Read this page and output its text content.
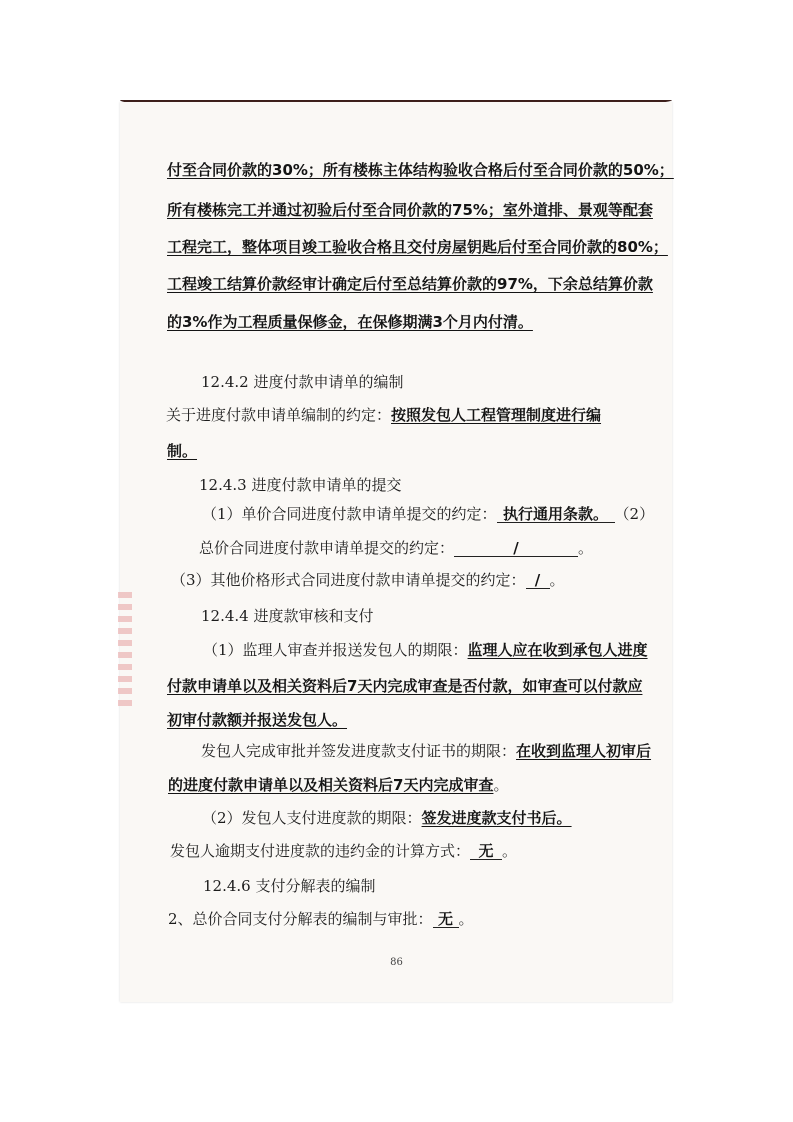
付至合同价款的30%；所有楼栋主体结构验收合格后付至合同价款的50%；
所有楼栋完工并通过初验后付至合同价款的75%；室外道排、景观等配套
工程完工，整体项目竣工验收合格且交付房屋钥匙后付至合同价款的80%；
工程竣工结算价款经审计确定后付至总结算价款的97%，下余总结算价款
的3%作为工程质量保修金，在保修期满3个月内付清。
12.4.2 进度付款申请单的编制
关于进度付款申请单编制的约定：按照发包人工程管理制度进行编
制。
12.4.3 进度付款申请单的提交
（1）单价合同进度付款申请单提交的约定： 执行通用条款。 （2）
总价合同进度付款申请单提交的约定：	/	。
（3）其他价格形式合同进度付款申请单提交的约定： / 。
12.4.4 进度款审核和支付
（1）监理人审查并报送发包人的期限：监理人应在收到承包人进度
付款申请单以及相关资料后7天内完成审查是否付款，如审查可以付款应
初审付款额并报送发包人。
发包人完成审批并签发进度款支付证书的期限：在收到监理人初审后
的进度付款申请单以及相关资料后7天内完成审查。
（2）发包人支付进度款的期限：签发进度款支付书后。
发包人逾期支付进度款的违约金的计算方式： 无 。
12.4.6 支付分解表的编制
2、总价合同支付分解表的编制与审批： 无 。
86
